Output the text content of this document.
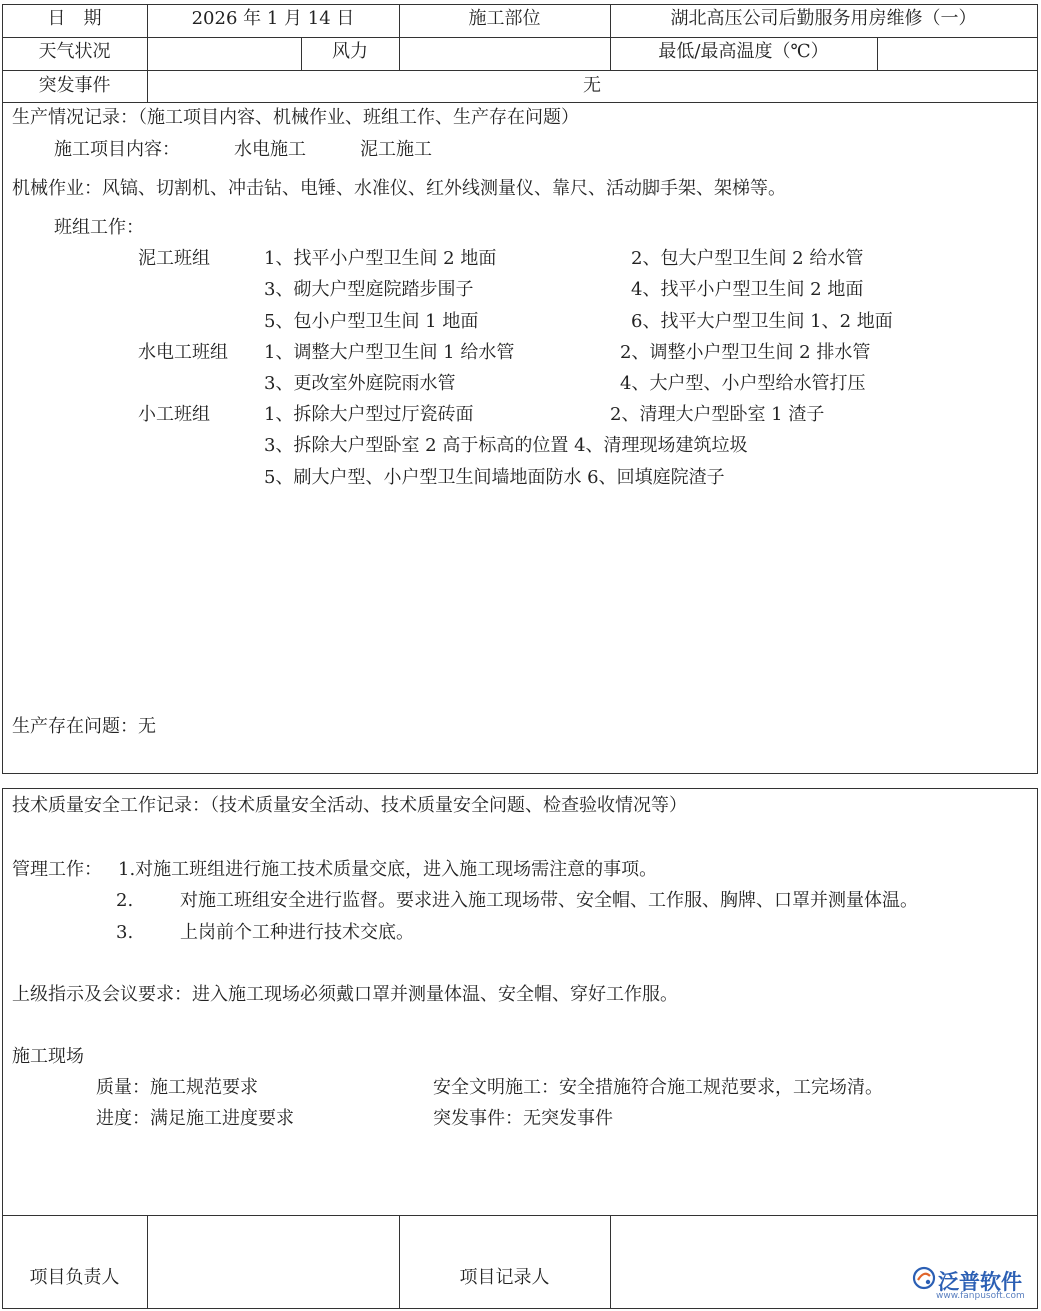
日　期	2026 年 1 月 14 日	施工部位	湖北高压公司后勤服务用房维修（一）
天气状况	风力	最低/最高温度（℃）
突发事件	无
生产情况记录：（施工项目内容、机械作业、班组工作、生产存在问题）
施工项目内容：	水电施工	泥工施工
机械作业：风镐、切割机、冲击钻、电锤、水准仪、红外线测量仪、靠尺、活动脚手架、架梯等。
班组工作：
泥工班组	1、找平小户型卫生间 2 地面	2、包大户型卫生间 2 给水管
3、砌大户型庭院踏步围子	4、找平小户型卫生间 2 地面
5、包小户型卫生间 1 地面	6、找平大户型卫生间 1、2 地面
水电工班组 1、调整大户型卫生间 1 给水管	2、调整小户型卫生间 2 排水管
3、更改室外庭院雨水管	4、大户型、小户型给水管打压
小工班组	1、拆除大户型过厅瓷砖面	2、清理大户型卧室 1 渣子
3、拆除大户型卧室 2 高于标高的位置 4、清理现场建筑垃圾
5、刷大户型、小户型卫生间墙地面防水 6、回填庭院渣子
生产存在问题：无
技术质量安全工作记录：（技术质量安全活动、技术质量安全问题、检查验收情况等）
管理工作： 1.对施工班组进行施工技术质量交底，进入施工现场需注意的事项。
2.	对施工班组安全进行监督。要求进入施工现场带、安全帽、工作服、胸牌、口罩并测量体温。
3.	上岗前个工种进行技术交底。
上级指示及会议要求：进入施工现场必须戴口罩并测量体温、安全帽、穿好工作服。
施工现场
质量：施工规范要求	安全文明施工：安全措施符合施工规范要求，工完场清。
进度：满足施工进度要求	突发事件：无突发事件
项目负责人	项目记录人	泛普软件
www.fanpusoft.com
